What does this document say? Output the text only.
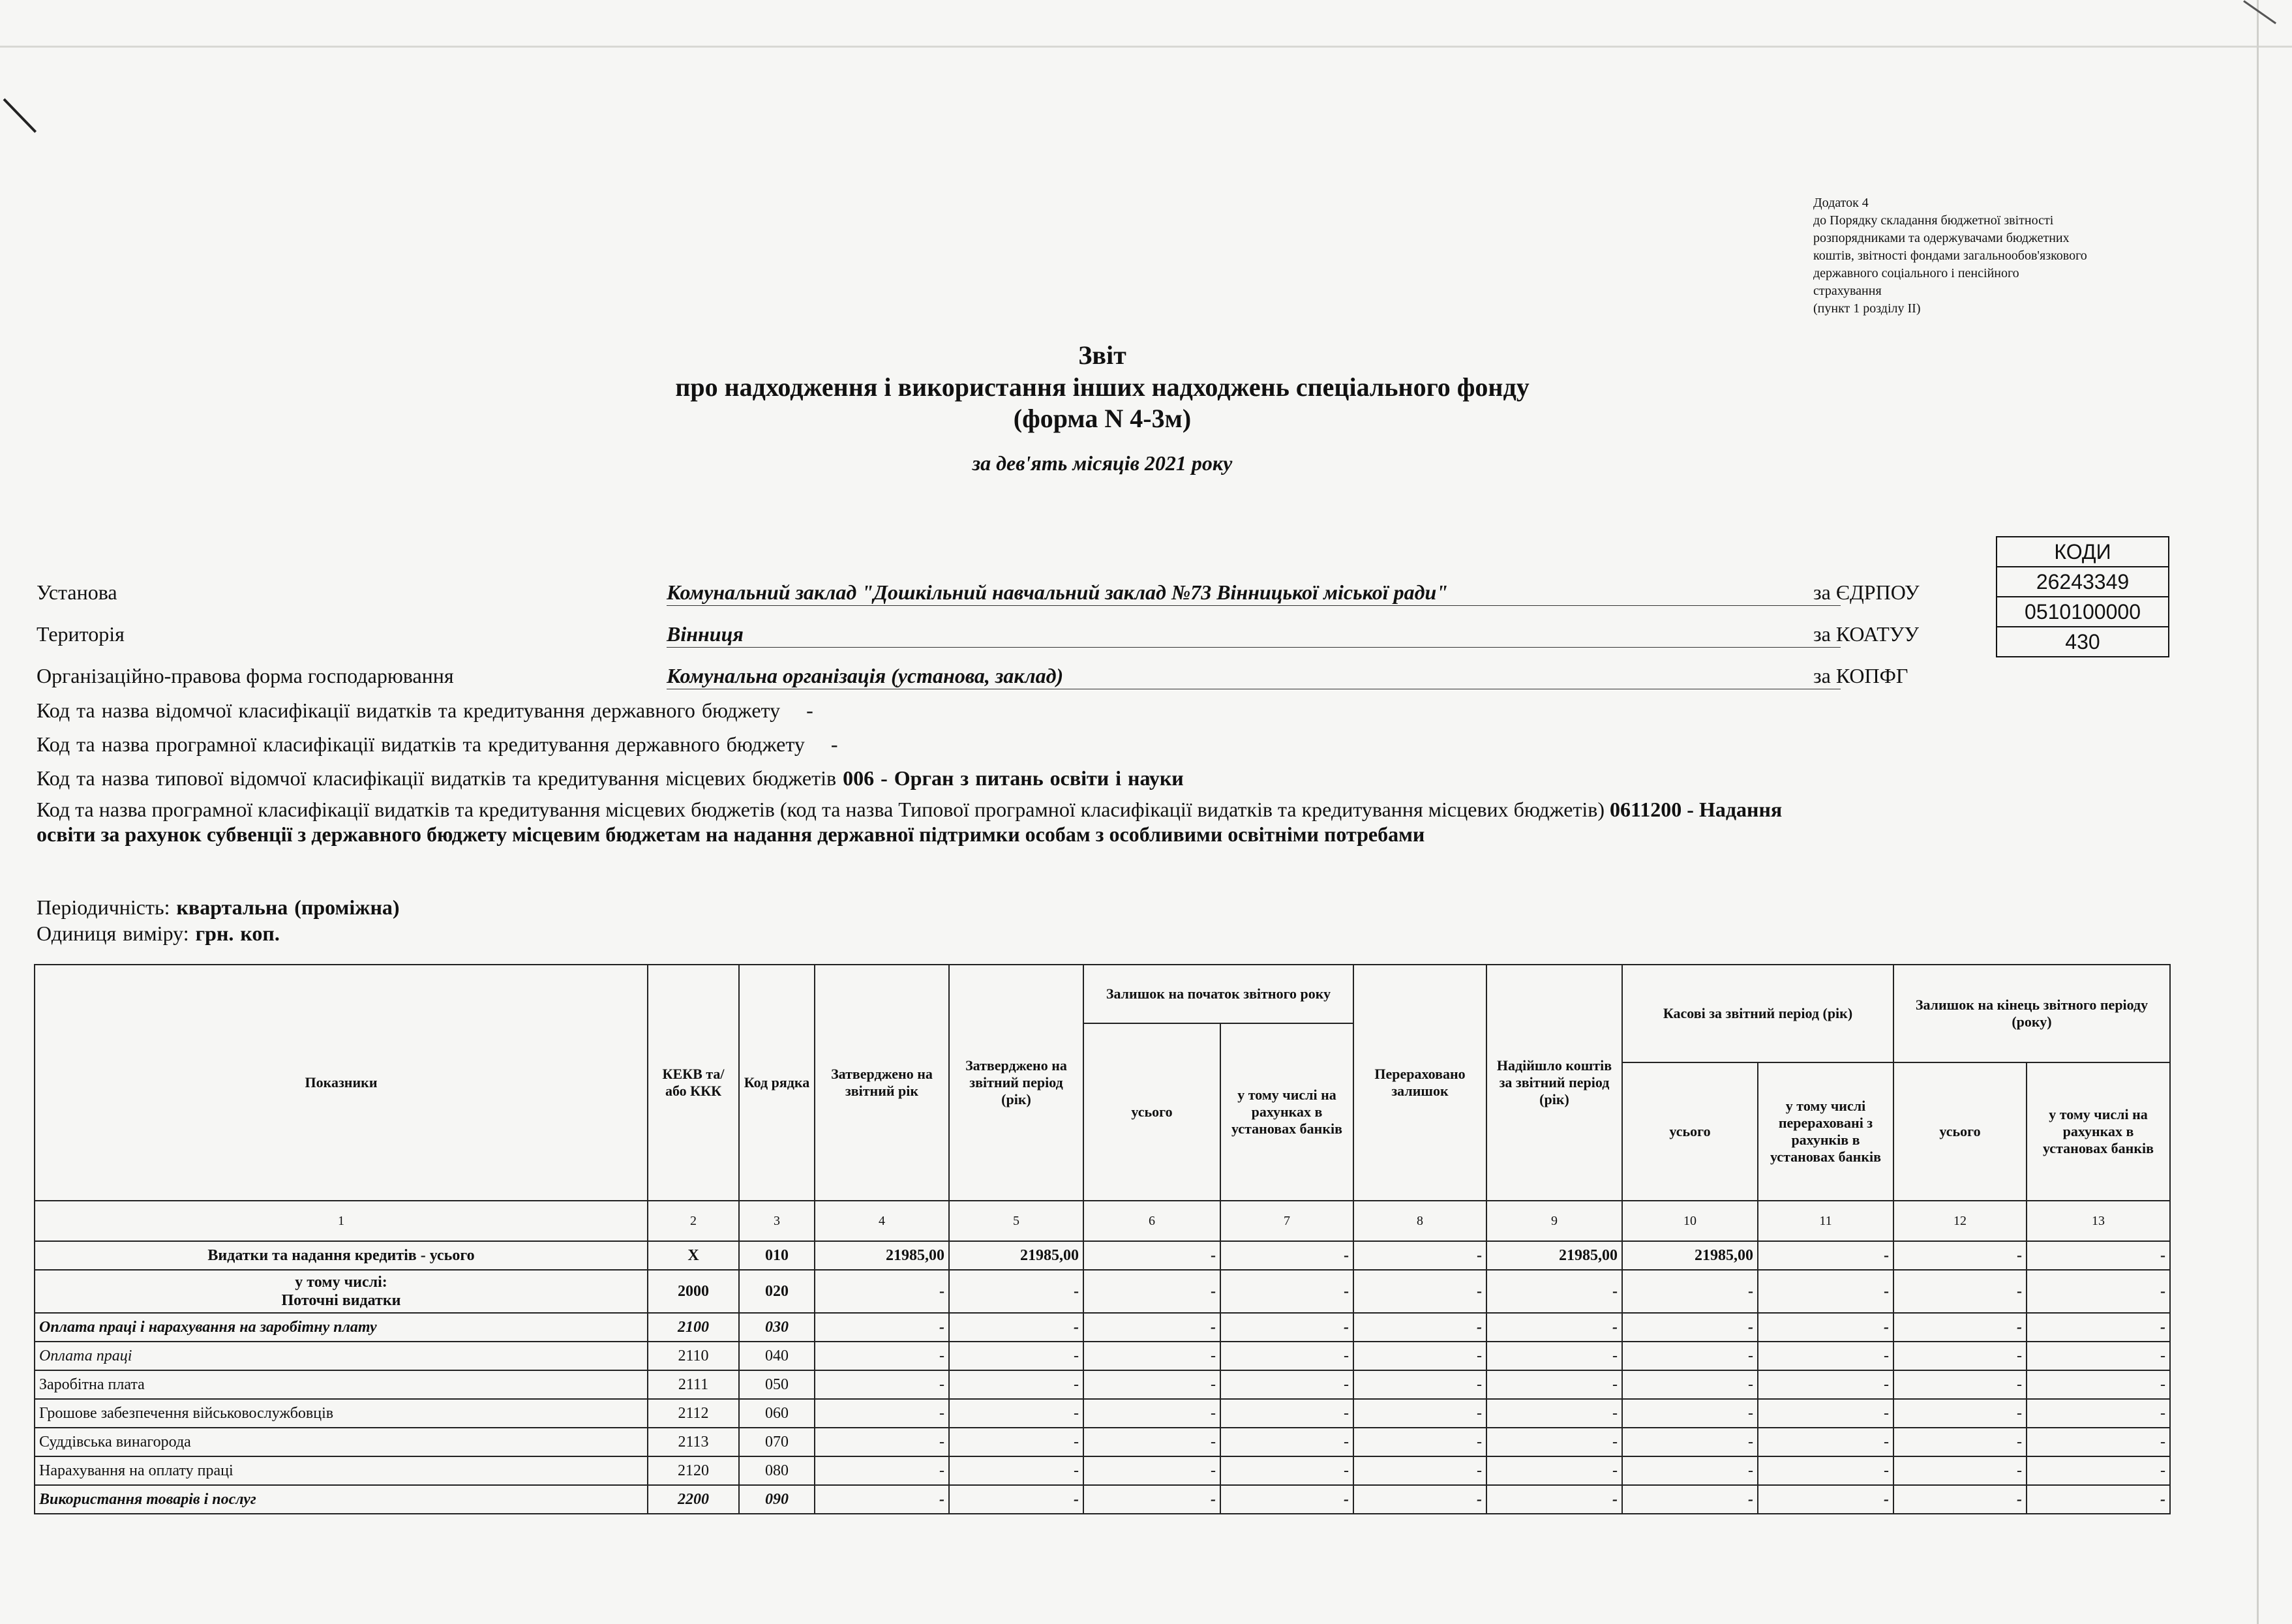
Додаток 4
до Порядку складання бюджетної звітності
розпорядниками та одержувачами бюджетних
коштів, звітності фондами загальнообов'язкового
державного соціального і пенсійного
страхування
(пункт 1 розділу ІІ)
Звіт
про надходження і використання інших надходжень спеціального фонду
(форма N 4-3м)
за дев'ять місяців 2021 року
КОДИ
26243349
0510100000
430
Установа	Комунальний заклад "Дошкільний навчальний заклад №73 Вінницької міської ради"	за ЄДРПОУ
Територія	Вінниця	за КОАТУУ
Організаційно-правова форма господарювання	Комунальна організація (установа, заклад)	за КОПФГ
Код та назва відомчої класифікації видатків та кредитування державного бюджету -
Код та назва програмної класифікації видатків та кредитування державного бюджету -
Код та назва типової відомчої класифікації видатків та кредитування місцевих бюджетів 006 - Орган з питань освіти і науки
Код та назва програмної класифікації видатків та кредитування місцевих бюджетів (код та назва Типової програмної класифікації видатків та кредитування місцевих бюджетів) 0611200 - Надання освіти за рахунок субвенції з державного бюджету місцевим бюджетам на надання державної підтримки особам з особливими освітніми потребами
Періодичність: квартальна (проміжна)
Одиниця виміру: грн. коп.
Показники	КЕКВ та/або ККК	Код рядка	Затверджено на звітний рік	Затверджено на звітний період (рік)	Залишок на початок звітного року		Перераховано залишок	Надійшло коштів за звітний період (рік)	Касові за звітний період (рік)		Залишок на кінець звітного періоду (року)	
					усього	у тому числі на рахунках в установах банків						
									усього	у тому числі перераховані з рахунків в установах банків	усього	у тому числі на рахунках в установах банків
1	2	3	4	5	6	7	8	9	10	11	12	13
Видатки та надання кредитів - усього	X	010	21985,00	21985,00	-	-	-	21985,00	21985,00	-	-	-

у тому числі:
Поточні видатки	2000	020	-	-	-	-	-	-	-	-	-	-
Оплата праці і нарахування на заробітну плату	2100	030	-	-	-	-	-	-	-	-	-	-
Оплата праці	2110	040	-	-	-	-	-	-	-	-	-	-
Заробітна плата	2111	050	-	-	-	-	-	-	-	-	-	-
Грошове забезпечення військовослужбовців	2112	060	-	-	-	-	-	-	-	-	-	-
Суддівська винагорода	2113	070	-	-	-	-	-	-	-	-	-	-
Нарахування на оплату праці	2120	080	-	-	-	-	-	-	-	-	-	-
Використання товарів і послуг	2200	090	-	-	-	-	-	-	-	-	-	-
